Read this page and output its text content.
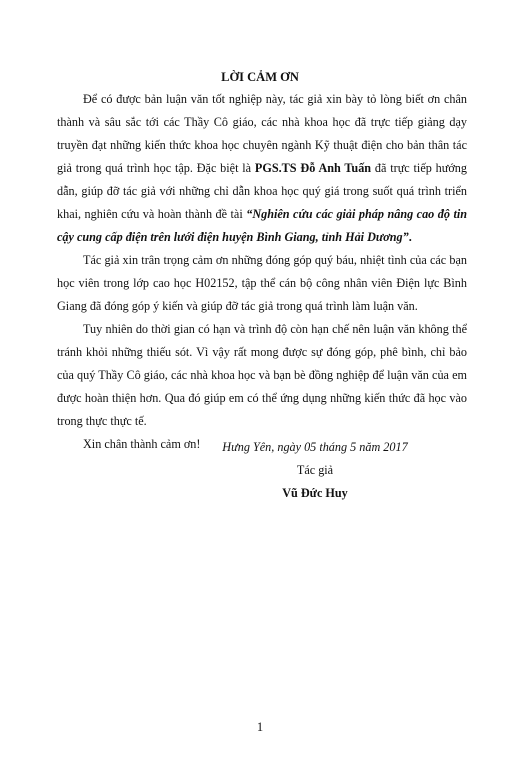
LỜI CẢM ƠN

Để có được bản luận văn tốt nghiệp này, tác giả xin bày tỏ lòng biết ơn chân thành và sâu sắc tới các Thầy Cô giáo, các nhà khoa học đã trực tiếp giảng dạy truyền đạt những kiến thức khoa học chuyên ngành Kỹ thuật điện cho bản thân tác giả trong quá trình học tập. Đặc biệt là PGS.TS Đỗ Anh Tuấn đã trực tiếp hướng dẫn, giúp đỡ tác giả với những chỉ dẫn khoa học quý giá trong suốt quá trình triển khai, nghiên cứu và hoàn thành đề tài “Nghiên cứu các giải pháp nâng cao độ tin cậy cung cấp điện trên lưới điện huyện Bình Giang, tỉnh Hải Dương”.

Tác giả xin trân trọng cảm ơn những đóng góp quý báu, nhiệt tình của các bạn học viên trong lớp cao học H02152, tập thể cán bộ công nhân viên Điện lực Bình Giang đã đóng góp ý kiến và giúp đỡ tác giả trong quá trình làm luận văn.

Tuy nhiên do thời gian có hạn và trình độ còn hạn chế nên luận văn không thể tránh khỏi những thiếu sót. Vì vậy rất mong được sự đóng góp, phê bình, chỉ bảo của quý Thầy Cô giáo, các nhà khoa học và bạn bè đồng nghiệp để luận văn của em được hoàn thiện hơn. Qua đó giúp em có thể ứng dụng những kiến thức đã học vào trong thực thực tế.

Xin chân thành cảm ơn!	Hưng Yên, ngày 05 tháng 5 năm 2017
Tác giả
Vũ Đức Huy
1
